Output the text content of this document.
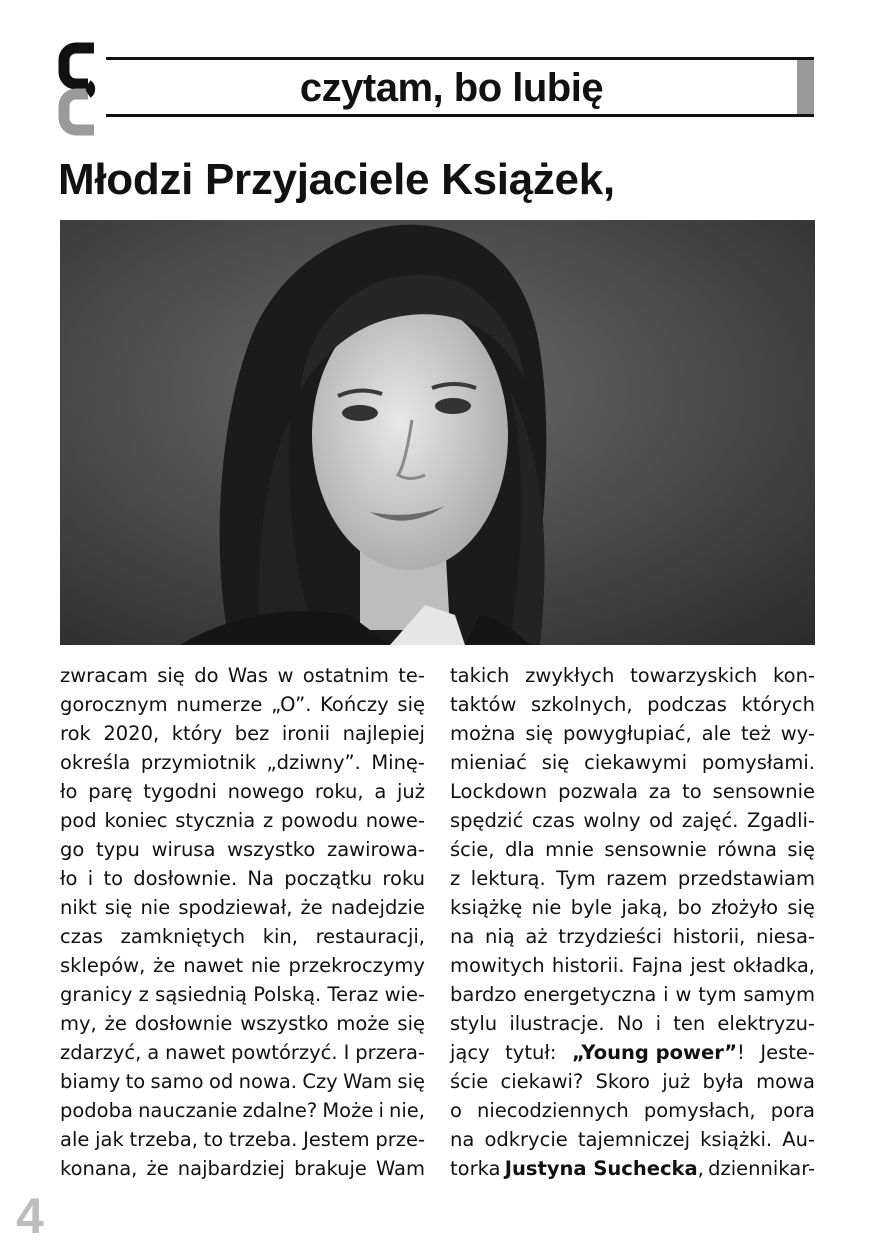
czytam, bo lubię
Młodzi Przyjaciele Książek,
zwracam się do Was w ostatnim te-
gorocznym numerze „O”. Kończy się
rok 2020, który bez ironii najlepiej
określa przymiotnik „dziwny”. Minę-
ło parę tygodni nowego roku, a już
pod koniec stycznia z powodu nowe-
go typu wirusa wszystko zawirowa-
ło i to dosłownie. Na początku roku
nikt się nie spodziewał, że nadejdzie
czas zamkniętych kin, restauracji,
sklepów, że nawet nie przekroczymy
granicy z sąsiednią Polską. Teraz wie-
my, że dosłownie wszystko może się
zdarzyć, a nawet powtórzyć. I przera-
biamy to samo od nowa. Czy Wam się
podoba nauczanie zdalne? Może i nie,
ale jak trzeba, to trzeba. Jestem prze-
konana, że najbardziej brakuje Wam
takich zwykłych towarzyskich kon-
taktów szkolnych, podczas których
można się powygłupiać, ale też wy-
mieniać się ciekawymi pomysłami.
Lockdown pozwala za to sensownie
spędzić czas wolny od zajęć. Zgadli-
ście, dla mnie sensownie równa się
z lekturą. Tym razem przedstawiam
książkę nie byle jaką, bo złożyło się
na nią aż trzydzieści historii, niesa-
mowitych historii. Fajna jest okładka,
bardzo energetyczna i w tym samym
stylu ilustracje. No i ten elektryzu-
jący tytuł: „Young power”! Jeste-
ście ciekawi? Skoro już była mowa
o niecodziennych pomysłach, pora
na odkrycie tajemniczej książki. Au-
torka Justyna Suchecka, dziennikar-
4
